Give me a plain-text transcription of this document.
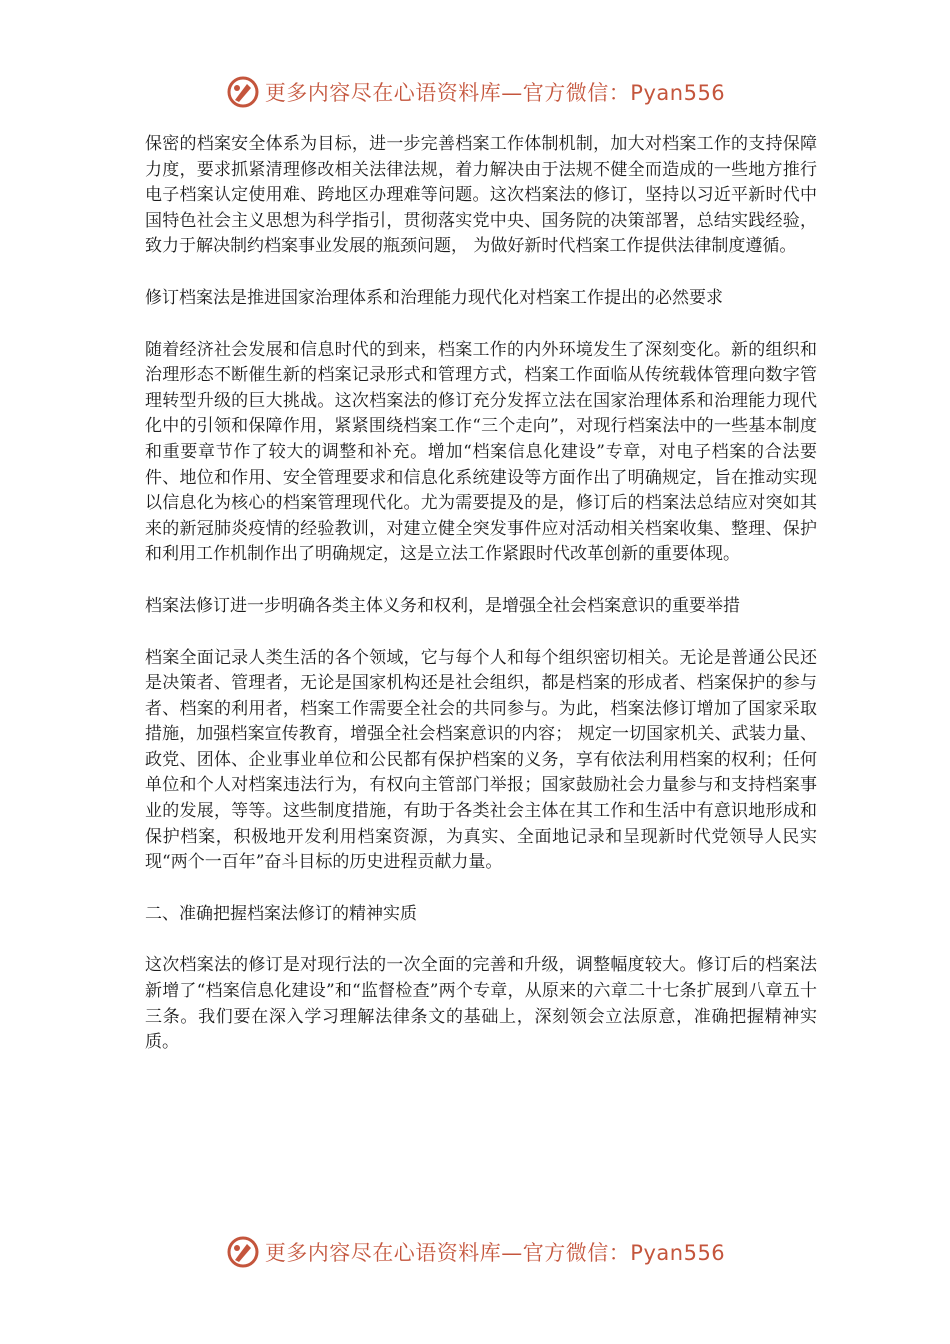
更多内容尽在心语资料库—官方微信：Pyan556

保密的档案安全体系为目标，进一步完善档案工作体制机制，加大对档案工作的支持保障力度，要求抓紧清理修改相关法律法规，着力解决由于法规不健全而造成的一些地方推行电子档案认定使用难、跨地区办理难等问题。这次档案法的修订，坚持以习近平新时代中国特色社会主义思想为科学指引，贯彻落实党中央、国务院的决策部署，总结实践经验，致力于解决制约档案事业发展的瓶颈问题， 为做好新时代档案工作提供法律制度遵循。

修订档案法是推进国家治理体系和治理能力现代化对档案工作提出的必然要求

随着经济社会发展和信息时代的到来，档案工作的内外环境发生了深刻变化。新的组织和治理形态不断催生新的档案记录形式和管理方式，档案工作面临从传统载体管理向数字管理转型升级的巨大挑战。这次档案法的修订充分发挥立法在国家治理体系和治理能力现代化中的引领和保障作用，紧紧围绕档案工作“三个走向”，对现行档案法中的一些基本制度和重要章节作了较大的调整和补充。增加“档案信息化建设”专章，对电子档案的合法要件、地位和作用、安全管理要求和信息化系统建设等方面作出了明确规定，旨在推动实现以信息化为核心的档案管理现代化。尤为需要提及的是，修订后的档案法总结应对突如其来的新冠肺炎疫情的经验教训，对建立健全突发事件应对活动相关档案收集、整理、保护和利用工作机制作出了明确规定，这是立法工作紧跟时代改革创新的重要体现。

档案法修订进一步明确各类主体义务和权利，是增强全社会档案意识的重要举措

档案全面记录人类生活的各个领域，它与每个人和每个组织密切相关。无论是普通公民还是决策者、管理者，无论是国家机构还是社会组织，都是档案的形成者、档案保护的参与者、档案的利用者，档案工作需要全社会的共同参与。为此，档案法修订增加了国家采取措施，加强档案宣传教育，增强全社会档案意识的内容； 规定一切国家机关、武装力量、政党、团体、企业事业单位和公民都有保护档案的义务，享有依法利用档案的权利；任何单位和个人对档案违法行为，有权向主管部门举报；国家鼓励社会力量参与和支持档案事业的发展，等等。这些制度措施，有助于各类社会主体在其工作和生活中有意识地形成和保护档案，积极地开发利用档案资源，为真实、全面地记录和呈现新时代党领导人民实现“两个一百年”奋斗目标的历史进程贡献力量。

二、准确把握档案法修订的精神实质

这次档案法的修订是对现行法的一次全面的完善和升级，调整幅度较大。修订后的档案法新增了“档案信息化建设”和“监督检查”两个专章，从原来的六章二十七条扩展到八章五十三条。我们要在深入学习理解法律条文的基础上，深刻领会立法原意，准确把握精神实质。

更多内容尽在心语资料库—官方微信：Pyan556
